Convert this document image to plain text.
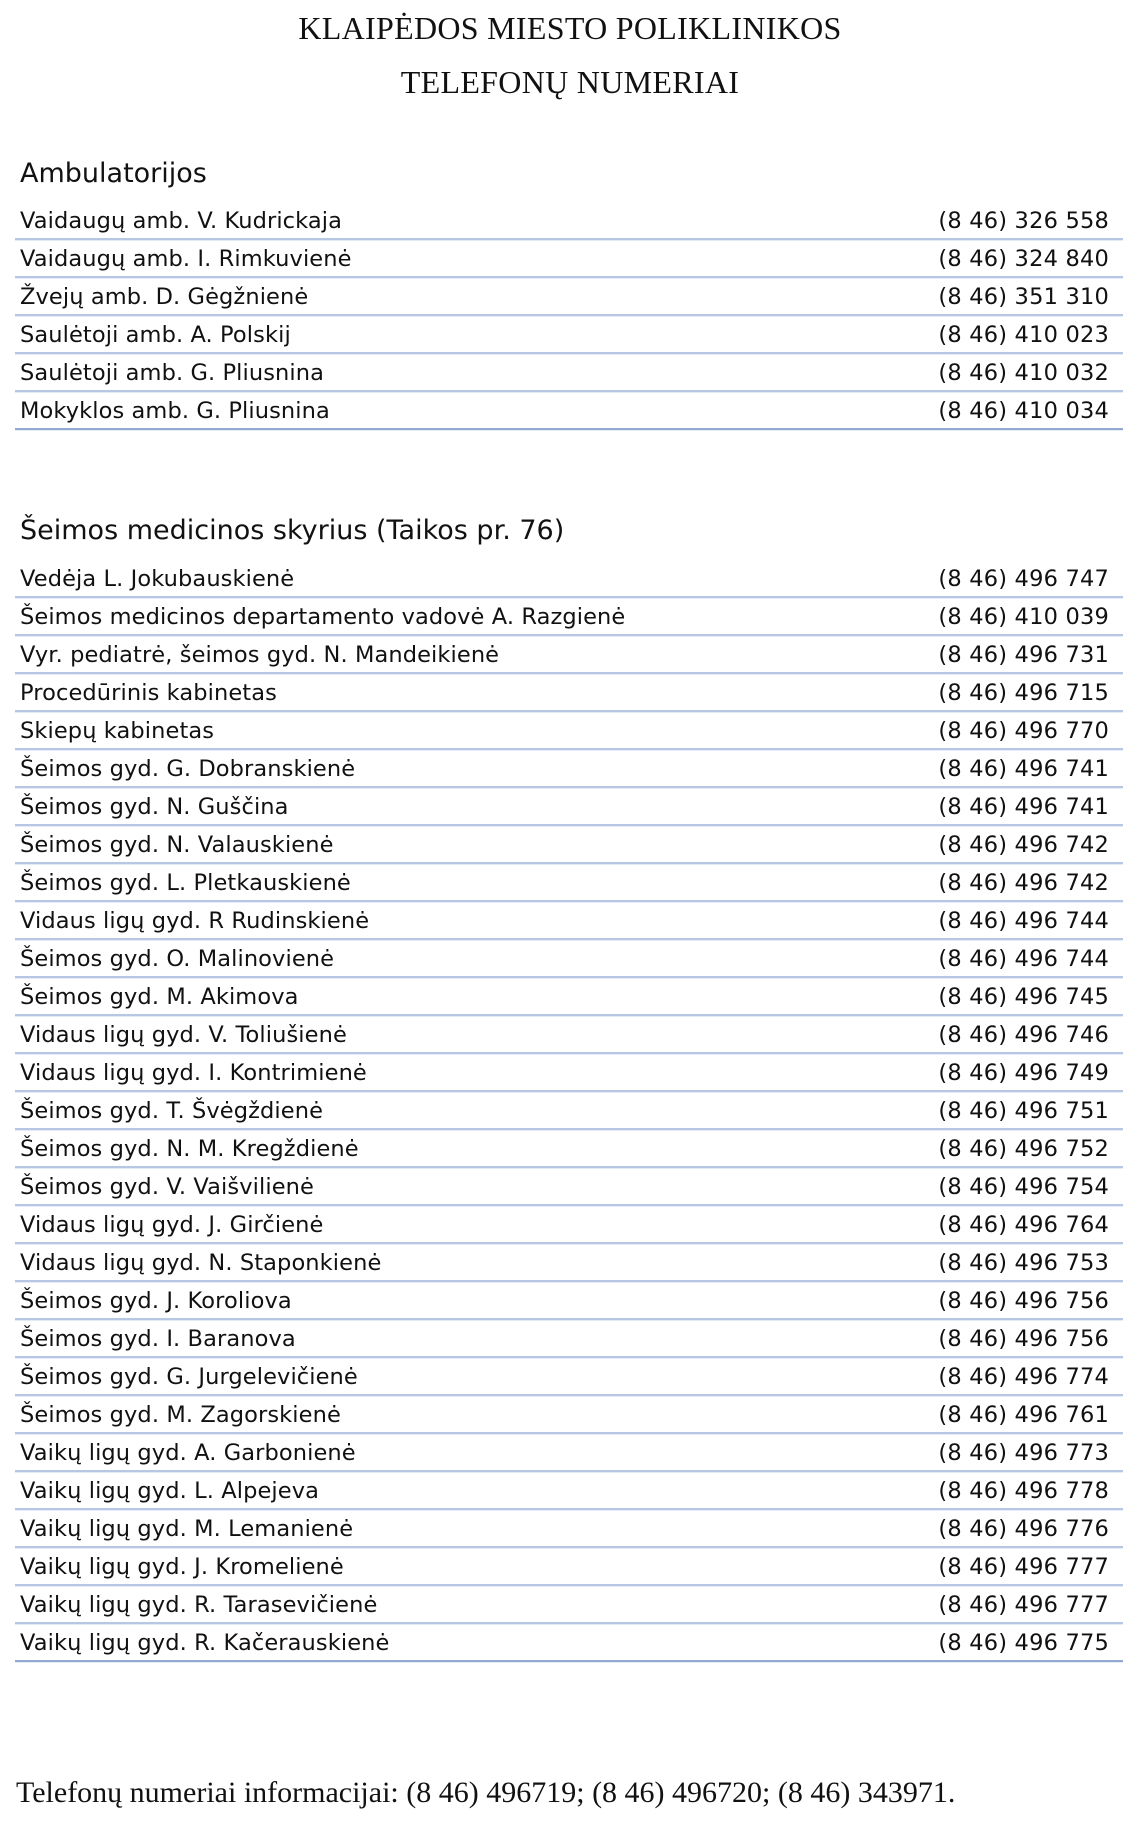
KLAIPĖDOS MIESTO POLIKLINIKOS
TELEFONŲ NUMERIAI
Ambulatorijos
Vaidaugų amb. V. Kudrickaja	(8 46) 326 558
Vaidaugų amb. I. Rimkuvienė	(8 46) 324 840
Žvejų amb. D. Gėgžnienė	(8 46) 351 310
Saulėtoji amb. A. Polskij	(8 46) 410 023
Saulėtoji amb. G. Pliusnina	(8 46) 410 032
Mokyklos amb. G. Pliusnina	(8 46) 410 034
Šeimos medicinos skyrius (Taikos pr. 76)
Vedėja L. Jokubauskienė	(8 46) 496 747
Šeimos medicinos departamento vadovė A. Razgienė	(8 46) 410 039
Vyr. pediatrė, šeimos gyd. N. Mandeikienė	(8 46) 496 731
Procedūrinis kabinetas	(8 46) 496 715
Skiepų kabinetas	(8 46) 496 770
Šeimos gyd. G. Dobranskienė	(8 46) 496 741
Šeimos gyd. N. Guščina	(8 46) 496 741
Šeimos gyd. N. Valauskienė	(8 46) 496 742
Šeimos gyd. L. Pletkauskienė	(8 46) 496 742
Vidaus ligų gyd. R Rudinskienė	(8 46) 496 744
Šeimos gyd. O. Malinovienė	(8 46) 496 744
Šeimos gyd. M. Akimova	(8 46) 496 745
Vidaus ligų gyd. V. Toliušienė	(8 46) 496 746
Vidaus ligų gyd. I. Kontrimienė	(8 46) 496 749
Šeimos gyd. T. Švėgždienė	(8 46) 496 751
Šeimos gyd. N. M. Kregždienė	(8 46) 496 752
Šeimos gyd. V. Vaišvilienė	(8 46) 496 754
Vidaus ligų gyd. J. Girčienė	(8 46) 496 764
Vidaus ligų gyd. N. Staponkienė	(8 46) 496 753
Šeimos gyd. J. Koroliova	(8 46) 496 756
Šeimos gyd. I. Baranova	(8 46) 496 756
Šeimos gyd. G. Jurgelevičienė	(8 46) 496 774
Šeimos gyd. M. Zagorskienė	(8 46) 496 761
Vaikų ligų gyd. A. Garbonienė	(8 46) 496 773
Vaikų ligų gyd. L. Alpejeva	(8 46) 496 778
Vaikų ligų gyd. M. Lemanienė	(8 46) 496 776
Vaikų ligų gyd. J. Kromelienė	(8 46) 496 777
Vaikų ligų gyd. R. Tarasevičienė	(8 46) 496 777
Vaikų ligų gyd. R. Kačerauskienė	(8 46) 496 775
Telefonų numeriai informacijai: (8 46) 496719; (8 46) 496720; (8 46) 343971.
